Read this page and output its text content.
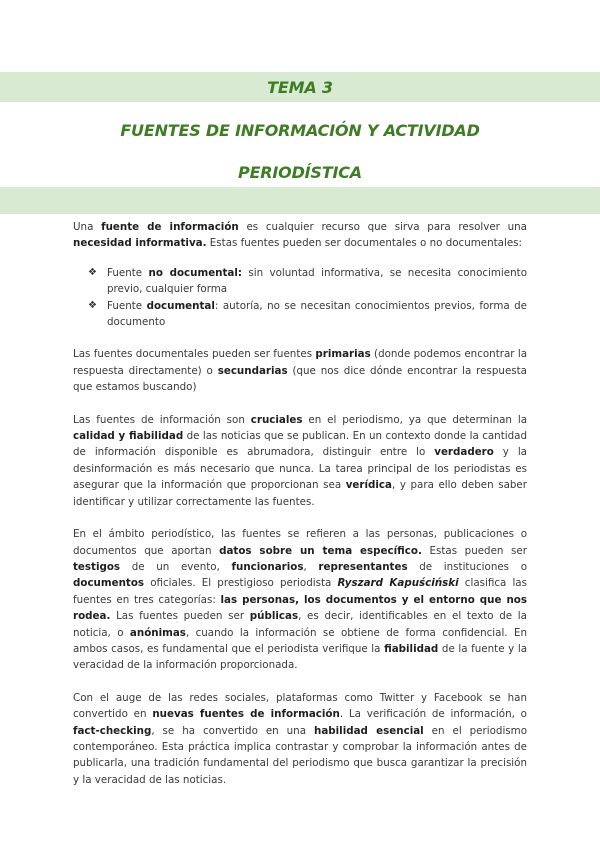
TEMA 3
FUENTES DE INFORMACIÓN Y ACTIVIDAD
PERIODÍSTICA

Una fuente de información es cualquier recurso que sirva para resolver una necesidad informativa. Estas fuentes pueden ser documentales o no documentales:

❖ Fuente no documental: sin voluntad informativa, se necesita conocimiento previo, cualquier forma
❖ Fuente documental: autoría, no se necesitan conocimientos previos, forma de documento

Las fuentes documentales pueden ser fuentes primarias (donde podemos encontrar la respuesta directamente) o secundarias (que nos dice dónde encontrar la respuesta que estamos buscando)

Las fuentes de información son cruciales en el periodismo, ya que determinan la calidad y fiabilidad de las noticias que se publican. En un contexto donde la cantidad de información disponible es abrumadora, distinguir entre lo verdadero y la desinformación es más necesario que nunca. La tarea principal de los periodistas es asegurar que la información que proporcionan sea verídica, y para ello deben saber identificar y utilizar correctamente las fuentes.

En el ámbito periodístico, las fuentes se refieren a las personas, publicaciones o documentos que aportan datos sobre un tema específico. Estas pueden ser testigos de un evento, funcionarios, representantes de instituciones o documentos oficiales. El prestigioso periodista Ryszard Kapuściński clasifica las fuentes en tres categorías: las personas, los documentos y el entorno que nos rodea. Las fuentes pueden ser públicas, es decir, identificables en el texto de la noticia, o anónimas, cuando la información se obtiene de forma confidencial. En ambos casos, es fundamental que el periodista verifique la fiabilidad de la fuente y la veracidad de la información proporcionada.

Con el auge de las redes sociales, plataformas como Twitter y Facebook se han convertido en nuevas fuentes de información. La verificación de información, o fact-checking, se ha convertido en una habilidad esencial en el periodismo contemporáneo. Esta práctica implica contrastar y comprobar la información antes de publicarla, una tradición fundamental del periodismo que busca garantizar la precisión y la veracidad de las noticias.
